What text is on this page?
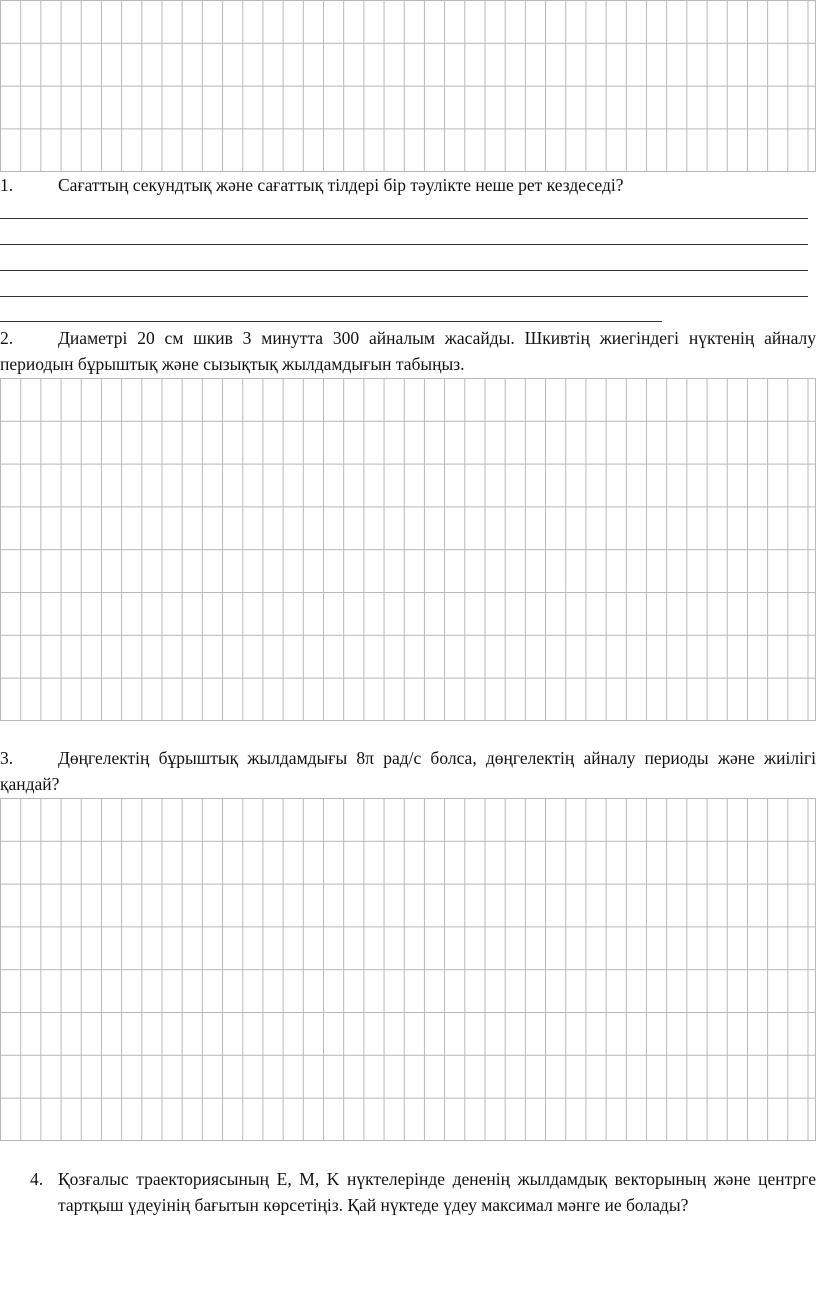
1.	Сағаттың секундтық және сағаттық тілдері бір тәулікте неше рет кездеседі?
2.	Диаметрі 20 см шкив 3 минутта 300 айналым жасайды. Шкивтің жиегіндегі нүктенің айналу периодын бұрыштық және сызықтық жылдамдығын табыңыз.
3.	Дөңгелектің бұрыштық жылдамдығы 8π рад/с болса, дөңгелектің айналу периоды және жиілігі қандай?
4. Қозғалыс траекториясының E, M, K нүктелерінде дененің жылдамдық векторының және центрге тартқыш үдеуінің бағытын көрсетіңіз. Қай нүктеде үдеу максимал мәнге ие болады?
